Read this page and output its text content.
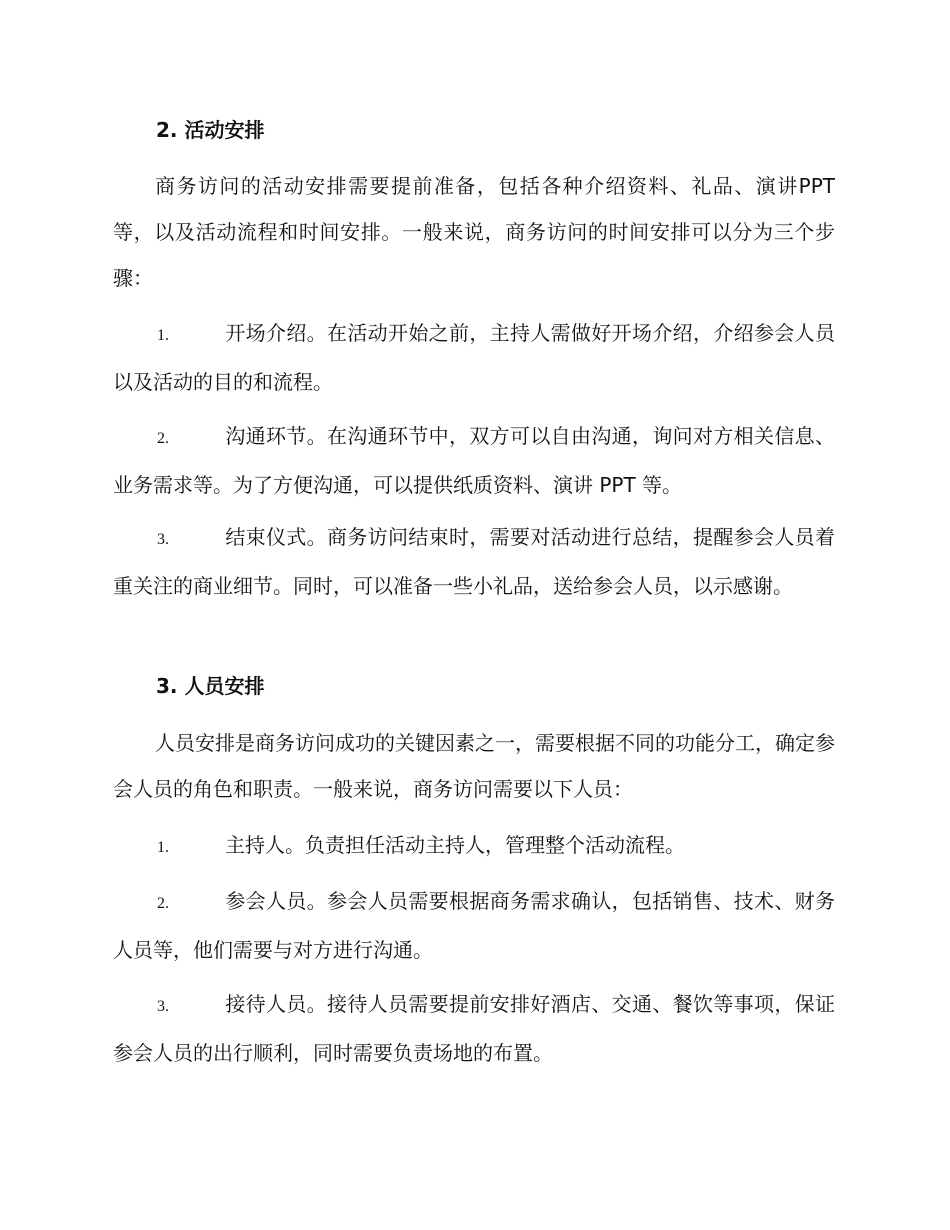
2. 活动安排

商务访问的活动安排需要提前准备，包括各种介绍资料、礼品、演讲PPT 等，以及活动流程和时间安排。一般来说，商务访问的时间安排可以分为三个步骤：

1.	开场介绍。在活动开始之前，主持人需做好开场介绍，介绍参会人员以及活动的目的和流程。

2.	沟通环节。在沟通环节中，双方可以自由沟通，询问对方相关信息、业务需求等。为了方便沟通，可以提供纸质资料、演讲 PPT 等。

3.	结束仪式。商务访问结束时，需要对活动进行总结，提醒参会人员着重关注的商业细节。同时，可以准备一些小礼品，送给参会人员，以示感谢。

3. 人员安排

人员安排是商务访问成功的关键因素之一，需要根据不同的功能分工，确定参会人员的角色和职责。一般来说，商务访问需要以下人员：

1.	主持人。负责担任活动主持人，管理整个活动流程。

2.	参会人员。参会人员需要根据商务需求确认，包括销售、技术、财务人员等，他们需要与对方进行沟通。

3.	接待人员。接待人员需要提前安排好酒店、交通、餐饮等事项，保证参会人员的出行顺利，同时需要负责场地的布置。
